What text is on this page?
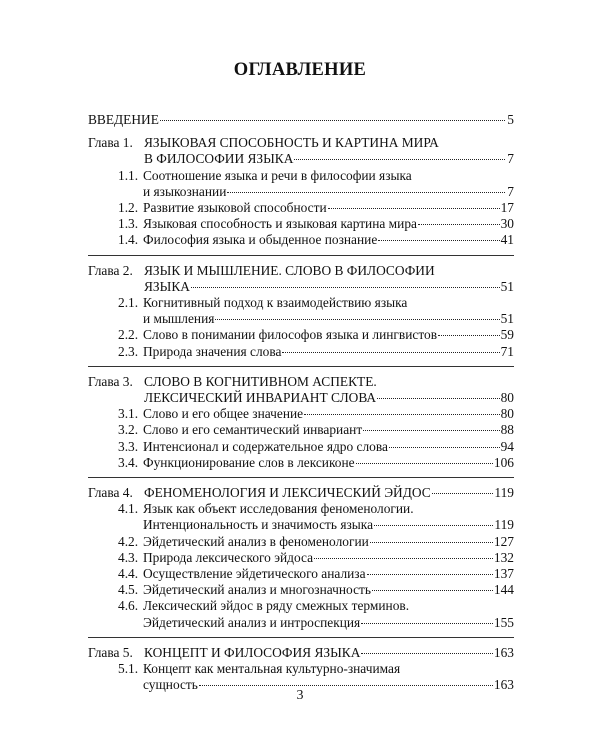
ОГЛАВЛЕНИЕ
ВВЕДЕНИЕ	5
Глава 1. ЯЗЫКОВАЯ СПОСОБНОСТЬ И КАРТИНА МИРА
В ФИЛОСОФИИ ЯЗЫКА	7
1.1. Соотношение языка и речи в философии языка
и языкознании	7
1.2. Развитие языковой способности	17
1.3. Языковая способность и языковая картина мира	30
1.4. Философия языка и обыденное познание	41
Глава 2. ЯЗЫК И МЫШЛЕНИЕ. СЛОВО В ФИЛОСОФИИ
ЯЗЫКА	51
2.1. Когнитивный подход к взаимодействию языка
и мышления	51
2.2. Слово в понимании философов языка и лингвистов	59
2.3. Природа значения слова	71
Глава 3. СЛОВО В КОГНИТИВНОМ АСПЕКТЕ.
ЛЕКСИЧЕСКИЙ ИНВАРИАНТ СЛОВА	80
3.1. Слово и его общее значение	80
3.2. Слово и его семантический инвариант	88
3.3. Интенсионал и содержательное ядро слова	94
3.4. Функционирование слов в лексиконе	106
Глава 4. ФЕНОМЕНОЛОГИЯ И ЛЕКСИЧЕСКИЙ ЭЙДОС	119
4.1. Язык как объект исследования феноменологии.
Интенциональность и значимость языка	119
4.2. Эйдетический анализ в феноменологии	127
4.3. Природа лексического эйдоса	132
4.4. Осуществление эйдетического анализа	137
4.5. Эйдетический анализ и многозначность	144
4.6. Лексический эйдос в ряду смежных терминов.
Эйдетический анализ и интроспекция	155
Глава 5. КОНЦЕПТ И ФИЛОСОФИЯ ЯЗЫКА	163
5.1. Концепт как ментальная культурно-значимая
сущность	163
3
